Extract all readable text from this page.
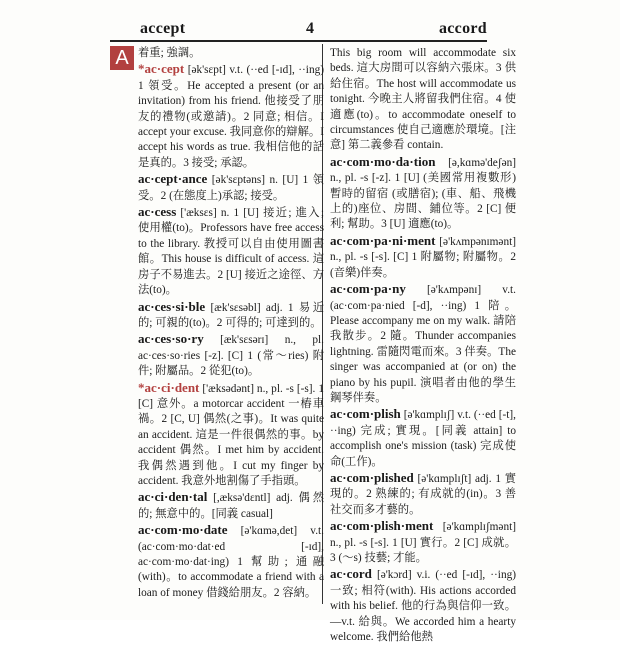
accept	4	accord
A 着重; 強調。

*ac·cept [ək'sɛpt] v.t. (··ed [-ɪd], ··ing) 1 領受。He accepted a present (or an invitation) from his friend. 他接受了朋友的禮物(或邀請)。2 同意; 相信。I accept your excuse. 我同意你的辯解。I accept his words as true. 我相信他的話是真的。3 接受; 承認。

ac·cept·ance [ək'sɛptəns] n. [U] 1 領受。2 (在態度上)承認; 接受。

ac·cess ['æksɛs] n. 1 [U] 接近; 進入; 使用權(to)。Professors have free access to the library. 教授可以自由使用圖書館。This house is difficult of access. 這房子不易進去。2 [U] 接近之途徑、方法(to)。

ac·ces·si·ble [æk'sɛsəbl] adj. 1 易近的; 可親的(to)。2 可得的; 可達到的。

ac·ces·so·ry [æk'sɛsərɪ] n., pl. ac·ces·so·ries [-z]. [C] 1 (常～ries) 附件; 附屬品。2 從犯(to)。

*ac·ci·dent ['æksədənt] n., pl. -s [-s]. 1 [C] 意外。a motorcar accident 一樁車禍。2 [C, U] 偶然(之事)。It was quite an accident. 這是一件很偶然的事。by accident 偶然。I met him by accident. 我偶然遇到他。I cut my finger by accident. 我意外地割傷了手指頭。

ac·ci·den·tal [,æksə'dɛntl] adj. 偶然的; 無意中的。[同義 casual]

ac·com·mo·date [ə'kɑmə,det] v.t. (ac·com·mo·dat·ed [-ɪd], ac·com·mo·dat·ing) 1 幫助; 通融(with)。to accommodate a friend with a loan of money 借錢給朋友。2 容納。

This big room will accommodate six beds. 這大房間可以容納六張床。3 供給住宿。The host will accommodate us tonight. 今晚主人將留我們住宿。4 使適應(to)。to accommodate oneself to circumstances 使自己適應於環境。[注意] 第二義參看 contain.

ac·com·mo·da·tion [ə,kɑmə'deʃən] n., pl. -s [-z]. 1 [U] (美國常用複數形) 暫時的留宿 (或膳宿); (車、船、飛機上的)座位、房間、鋪位等。2 [C] 便利; 幫助。3 [U] 適應(to)。

ac·com·pa·ni·ment [ə'kʌmpənɪmənt] n., pl. -s [-s]. [C] 1 附屬物; 附屬物。2 (音樂)伴奏。

ac·com·pa·ny [ə'kʌmpənɪ] v.t. (ac·com·pa·nied [-d], ··ing) 1 陪。Please accompany me on my walk. 請陪我散步。2 隨。Thunder accompanies lightning. 雷隨閃電而來。3 伴奏。The singer was accompanied at (or on) the piano by his pupil. 演唱者由他的學生鋼琴伴奏。

ac·com·plish [ə'kɑmplɪʃ] v.t. (··ed [-t], ··ing) 完成; 實現。[同義 attain] to accomplish one's mission (task) 完成使命(工作)。

ac·com·plished [ə'kɑmplɪʃt] adj. 1 實現的。2 熟練的; 有成就的(in)。3 善社交而多才藝的。

ac·com·plish·ment [ə'kɑmplɪʃmənt] n., pl. -s [-s]. 1 [U] 實行。2 [C] 成就。3 (～s) 技藝; 才能。

ac·cord [ə'kɔrd] v.i. (··ed [-ɪd], ··ing) 一致; 相符(with). His actions accorded with his belief. 他的行為與信仰一致。—v.t. 給與。We accorded him a hearty welcome. 我們給他熱
